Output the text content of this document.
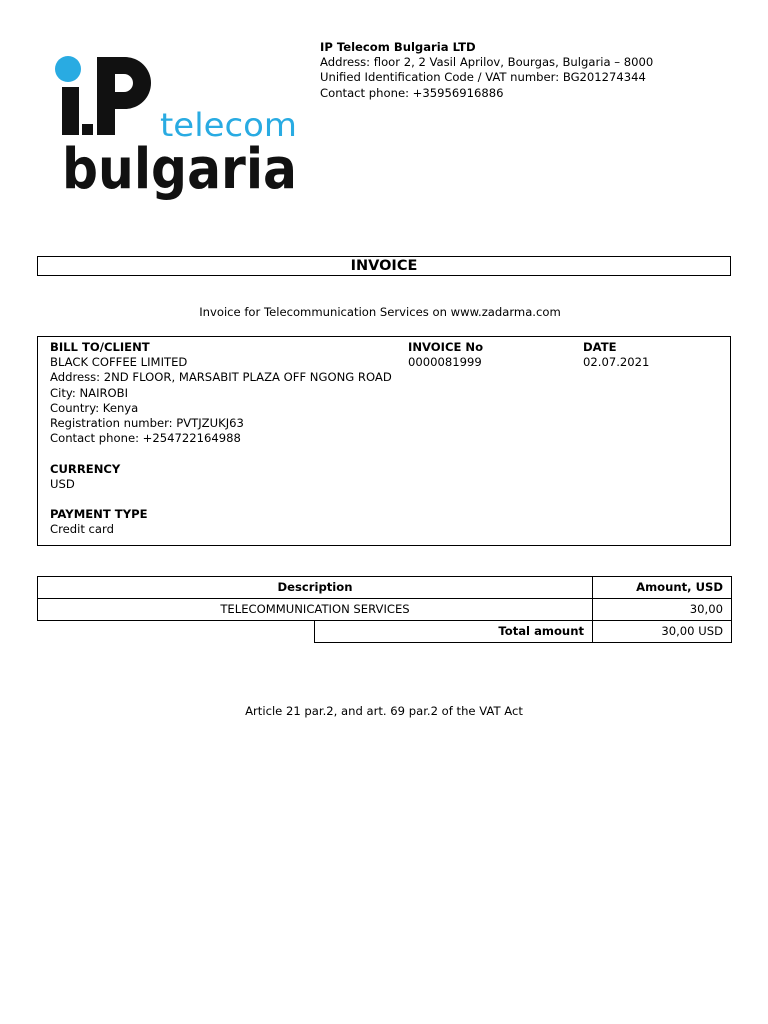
telecom
bulgaria
IP Telecom Bulgaria LTD
Address: floor 2, 2 Vasil Aprilov, Bourgas, Bulgaria – 8000
Unified Identification Code / VAT number: BG201274344
Contact phone: +35956916886
INVOICE
Invoice for Telecommunication Services on www.zadarma.com
BILL TO/CLIENT
BLACK COFFEE LIMITED
Address: 2ND FLOOR, MARSABIT PLAZA OFF NGONG ROAD
City: NAIROBI
Country: Kenya
Registration number: PVTJZUKJ63
Contact phone: +254722164988
CURRENCY
USD
PAYMENT TYPE
Credit card
INVOICE No
0000081999
DATE
02.07.2021
Description		Amount, USD
TELECOMMUNICATION SERVICES		30,00
	Total amount	30,00 USD
Article 21 par.2, and art. 69 par.2 of the VAT Act
